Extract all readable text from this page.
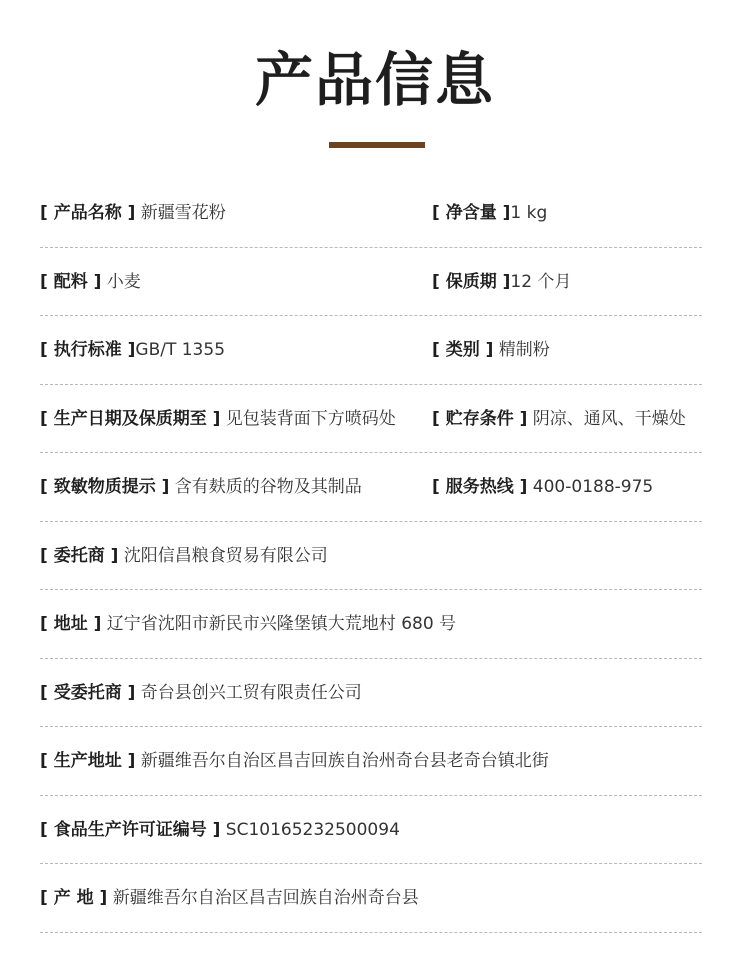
产品信息
[ 产品名称 ] 新疆雪花粉	[ 净含量 ]1 kg
[ 配料 ] 小麦	[ 保质期 ]12 个月
[ 执行标准 ]GB/T 1355	[ 类别 ] 精制粉
[ 生产日期及保质期至 ] 见包装背面下方喷码处	[ 贮存条件 ] 阴凉、通风、干燥处
[ 致敏物质提示 ] 含有麸质的谷物及其制品	[ 服务热线 ] 400-0188-975
[ 委托商 ] 沈阳信昌粮食贸易有限公司
[ 地址 ] 辽宁省沈阳市新民市兴隆堡镇大荒地村 680 号
[ 受委托商 ] 奇台县创兴工贸有限责任公司
[ 生产地址 ] 新疆维吾尔自治区昌吉回族自治州奇台县老奇台镇北街
[ 食品生产许可证编号 ] SC10165232500094
[ 产 地 ] 新疆维吾尔自治区昌吉回族自治州奇台县
